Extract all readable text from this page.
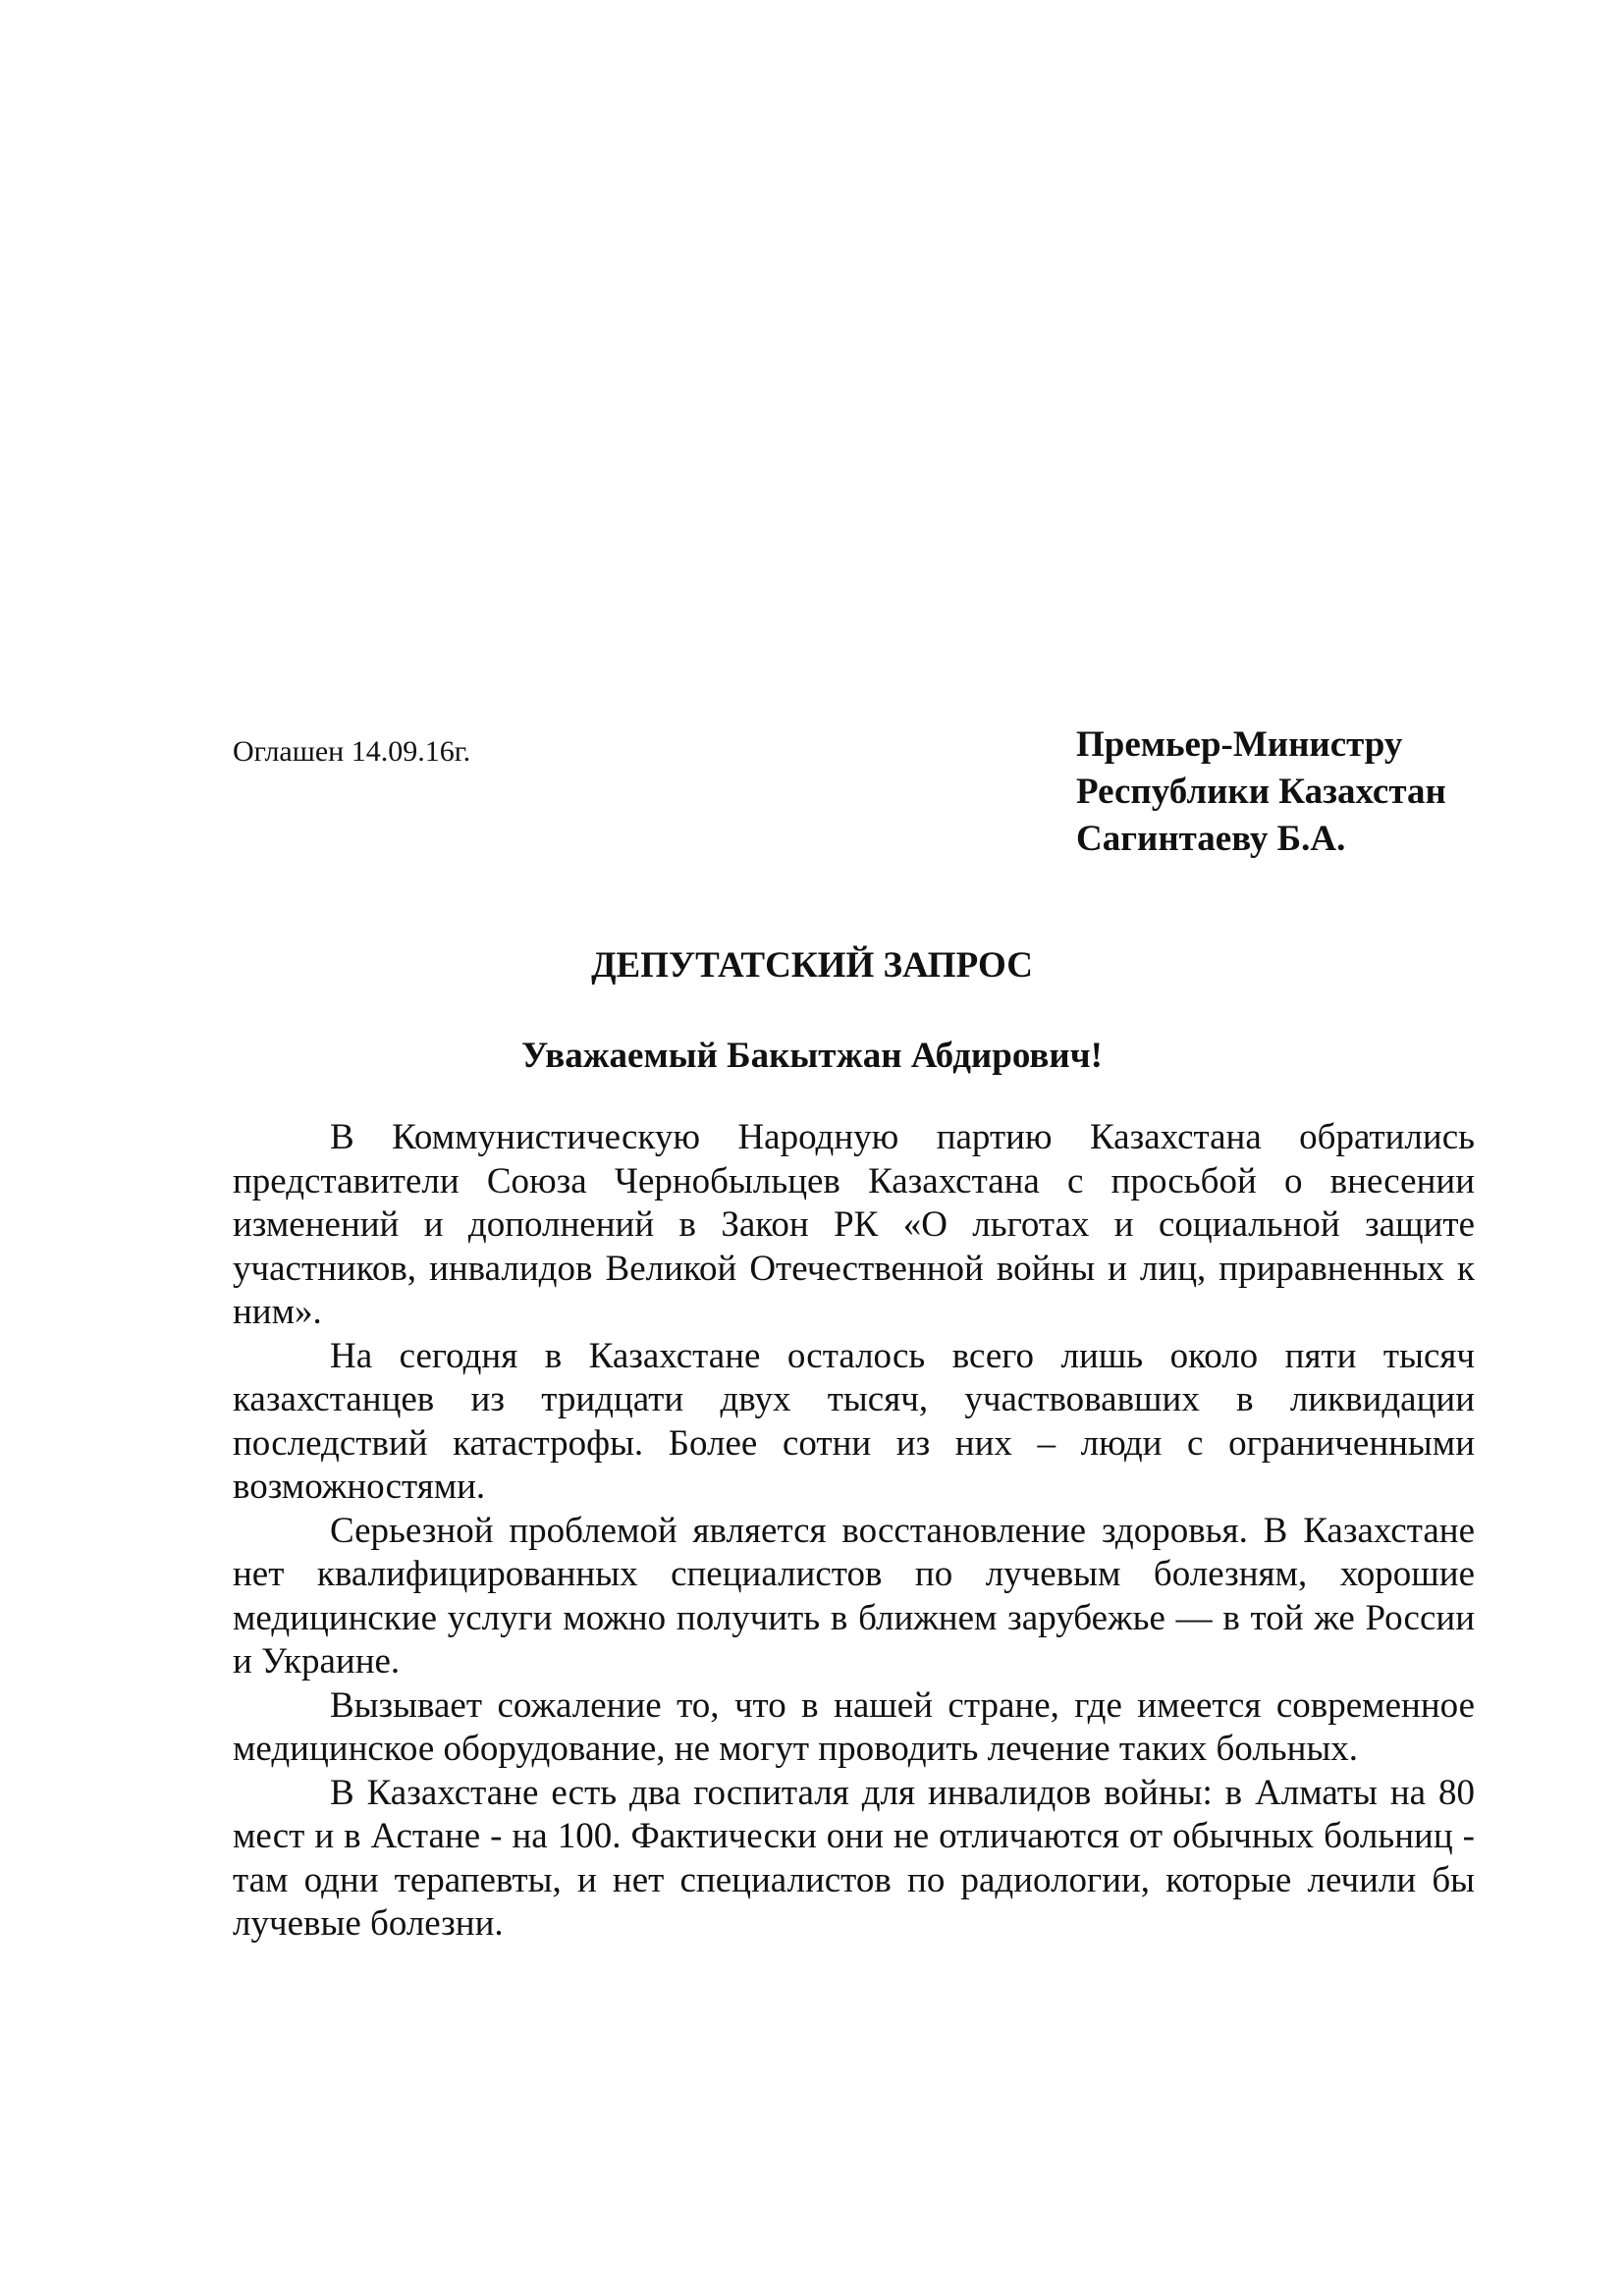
Оглашен 14.09.16г.	Премьер-Министру
Республики Казахстан
Сагинтаеву Б.А.
ДЕПУТАТСКИЙ ЗАПРОС
Уважаемый Бакытжан Абдирович!

В Коммунистическую Народную партию Казахстана обратились представители Союза Чернобыльцев Казахстана с просьбой о внесении изменений и дополнений в Закон РК «О льготах и социальной защите участников, инвалидов Великой Отечественной войны и лиц, приравненных к ним».

На сегодня в Казахстане осталось всего лишь около пяти тысяч казахстанцев из тридцати двух тысяч, участвовавших в ликвидации последствий катастрофы. Более сотни из них – люди с ограниченными возможностями.

Серьезной проблемой является восстановление здоровья. В Казахстане нет квалифицированных специалистов по лучевым болезням, хорошие медицинские услуги можно получить в ближнем зарубежье — в той же России и Украине.

Вызывает сожаление то, что в нашей стране, где имеется современное медицинское оборудование, не могут проводить лечение таких больных.

В Казахстане есть два госпиталя для инвалидов войны: в Алматы на 80 мест и в Астане - на 100. Фактически они не отличаются от обычных больниц - там одни терапевты, и нет специалистов по радиологии, которые лечили бы лучевые болезни.
